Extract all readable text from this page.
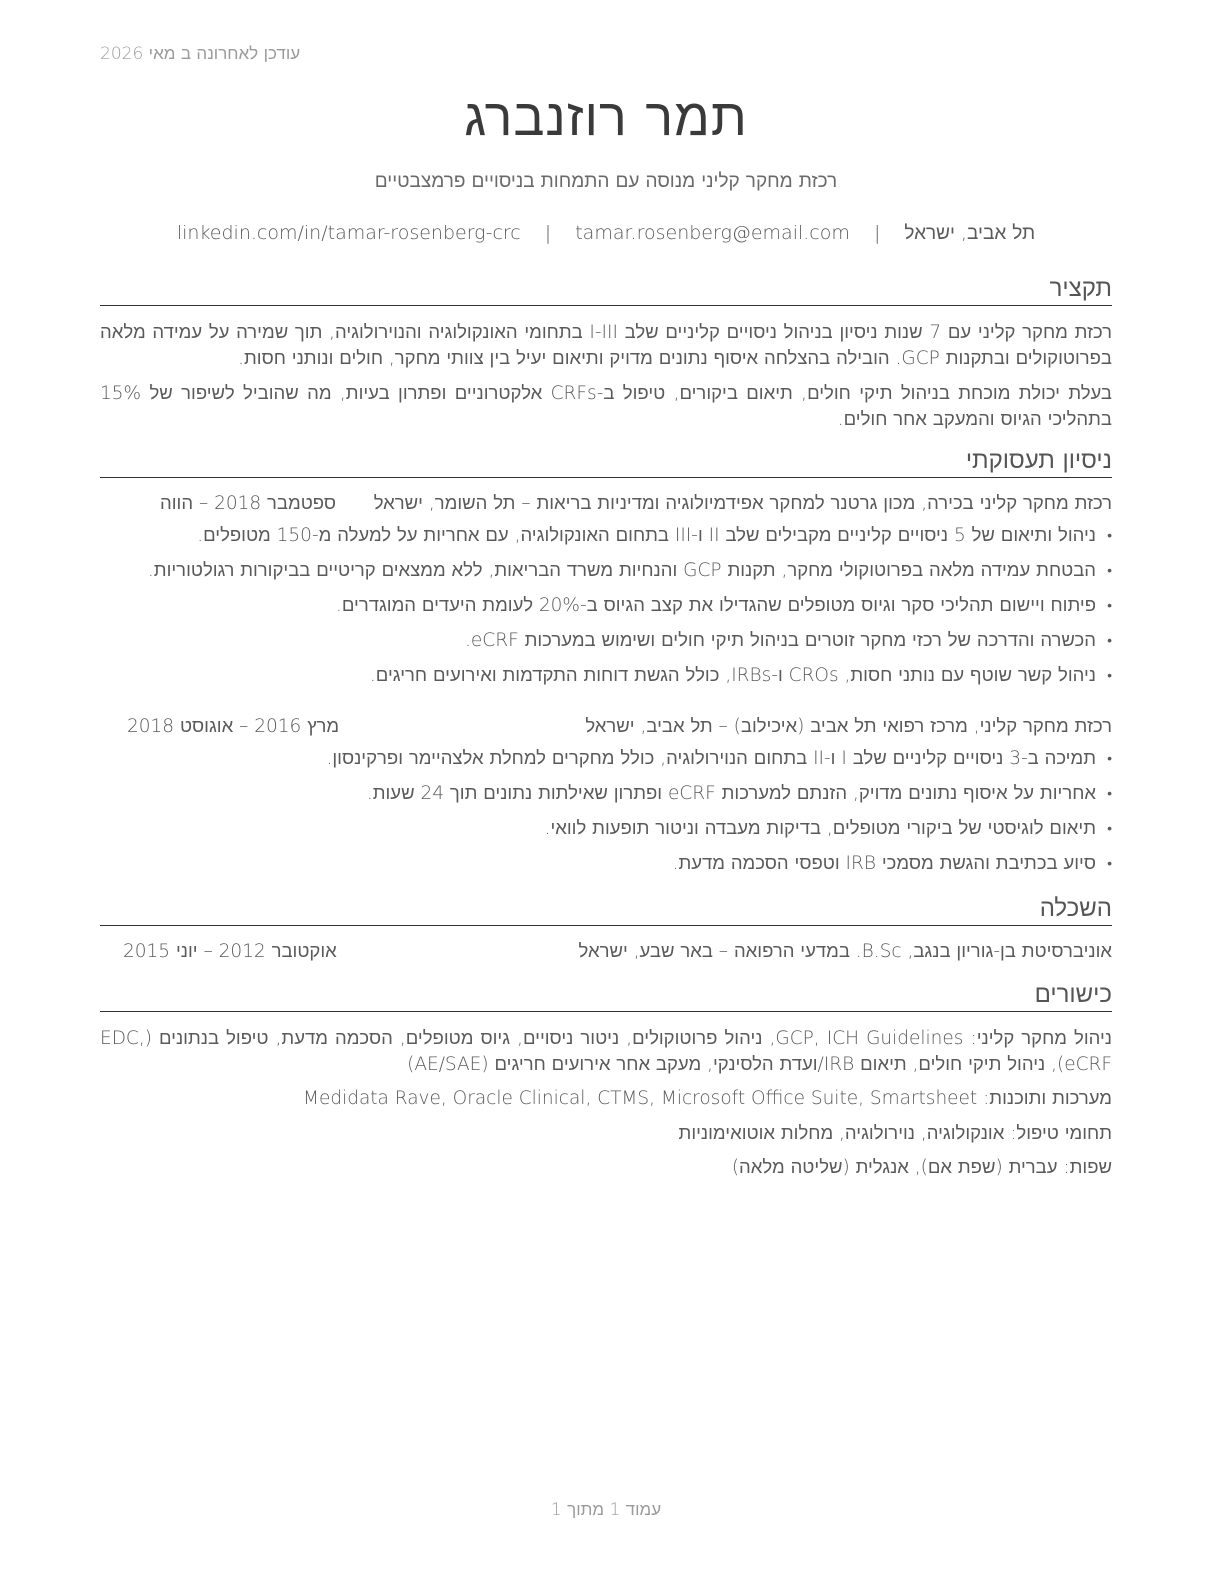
עודכן לאחרונה ב מאי 2026
תמר רוזנברג
רכזת מחקר קליני מנוסה עם התמחות בניסויים פרמצבטיים
תל אביב, ישראל | tamar.rosenberg@email.com | linkedin.com/in/tamar-rosenberg-crc
תקציר
רכזת מחקר קליני עם 7 שנות ניסיון בניהול ניסויים קליניים שלב I-III בתחומי האונקולוגיה והנוירולוגיה, תוך שמירה על עמידה מלאה בפרוטוקולים ובתקנות GCP. הובילה בהצלחה איסוף נתונים מדויק ותיאום יעיל בין צוותי מחקר, חולים ונותני חסות.
בעלת יכולת מוכחת בניהול תיקי חולים, תיאום ביקורים, טיפול ב-CRFs אלקטרוניים ופתרון בעיות, מה שהוביל לשיפור של 15% בתהליכי הגיוס והמעקב אחר חולים.
ניסיון תעסוקתי
רכזת מחקר קליני בכירה, מכון גרטנר למחקר אפידמיולוגיה ומדיניות בריאות – תל השומר, ישראל
ספטמבר 2018 – הווה
• ניהול ותיאום של 5 ניסויים קליניים מקבילים שלב II ו-III בתחום האונקולוגיה, עם אחריות על למעלה מ-150 מטופלים.
• הבטחת עמידה מלאה בפרוטוקולי מחקר, תקנות GCP והנחיות משרד הבריאות, ללא ממצאים קריטיים בביקורות רגולטוריות.
• פיתוח ויישום תהליכי סקר וגיוס מטופלים שהגדילו את קצב הגיוס ב-20% לעומת היעדים המוגדרים.
• הכשרה והדרכה של רכזי מחקר זוטרים בניהול תיקי חולים ושימוש במערכות eCRF.
• ניהול קשר שוטף עם נותני חסות, CROs ו-IRBs, כולל הגשת דוחות התקדמות ואירועים חריגים.
רכזת מחקר קליני, מרכז רפואי תל אביב (איכילוב) – תל אביב, ישראל
מרץ 2016 – אוגוסט 2018
• תמיכה ב-3 ניסויים קליניים שלב I ו-II בתחום הנוירולוגיה, כולל מחקרים למחלת אלצהיימר ופרקינסון.
• אחריות על איסוף נתונים מדויק, הזנתם למערכות eCRF ופתרון שאילתות נתונים תוך 24 שעות.
• תיאום לוגיסטי של ביקורי מטופלים, בדיקות מעבדה וניטור תופעות לוואי.
• סיוע בכתיבת והגשת מסמכי IRB וטפסי הסכמה מדעת.
השכלה
אוניברסיטת בן-גוריון בנגב, B.Sc. במדעי הרפואה – באר שבע, ישראל
אוקטובר 2012 – יוני 2015
כישורים
ניהול מחקר קליני: GCP, ICH Guidelines, ניהול פרוטוקולים, ניטור ניסויים, גיוס מטופלים, הסכמה מדעת, טיפול בנתונים (EDC, eCRF), ניהול תיקי חולים, תיאום IRB/ועדת הלסינקי, מעקב אחר אירועים חריגים (AE/SAE)
מערכות ותוכנות: Medidata Rave, Oracle Clinical, CTMS, Microsoft Office Suite, Smartsheet
תחומי טיפול: אונקולוגיה, נוירולוגיה, מחלות אוטואימוניות
שפות: עברית (שפת אם), אנגלית (שליטה מלאה)
עמוד 1 מתוך 1
